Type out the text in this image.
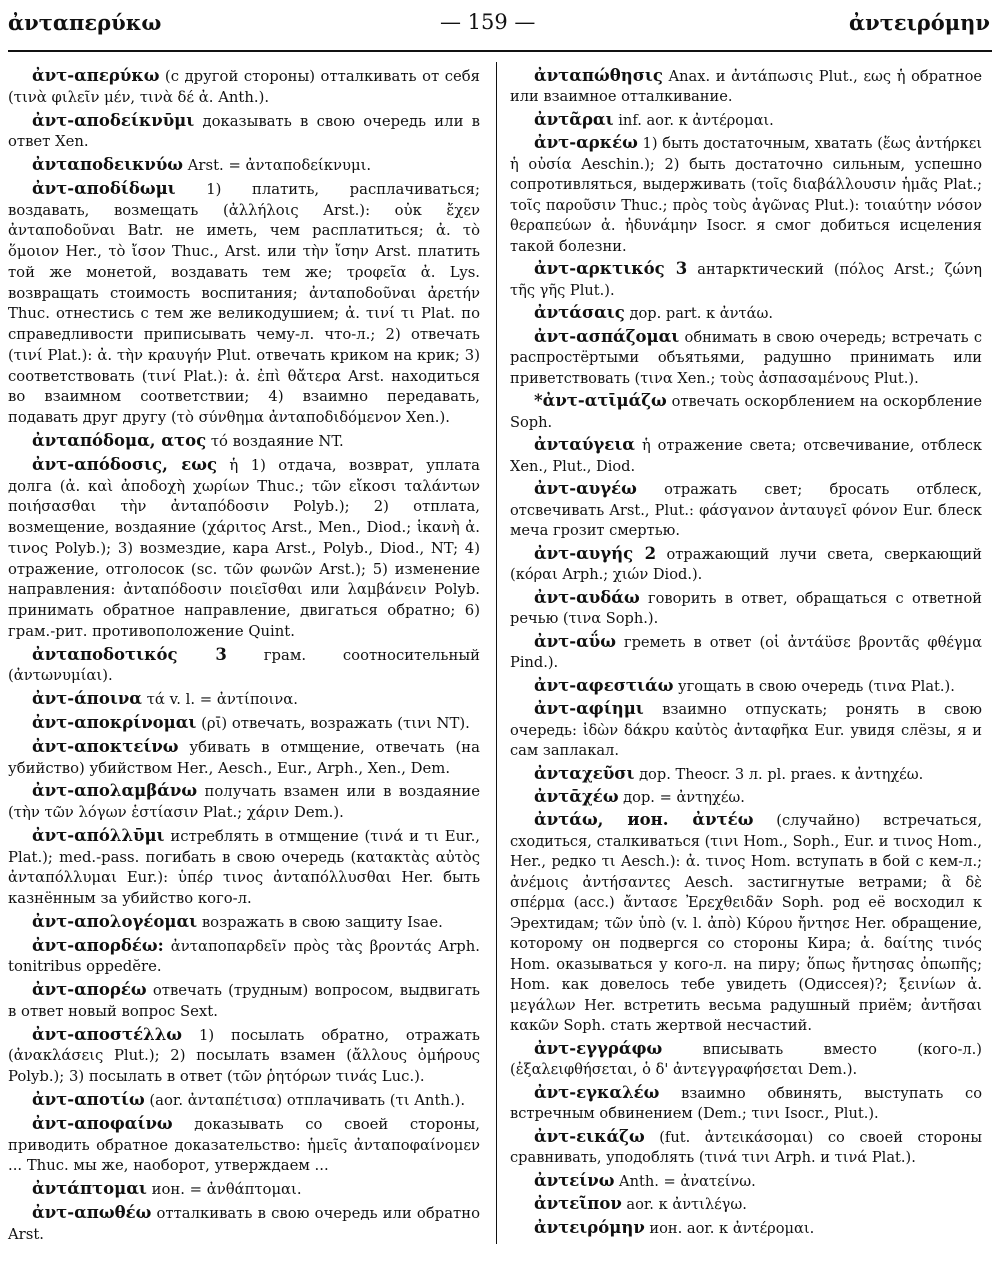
ἀνταπερύκω	— 159 —	ἀντειρόμην

ἀντ-απερύκω (с другой стороны) отталкивать от себя (τινὰ φιλεῖν μέν, τινὰ δέ ἀ. Anth.).

ἀντ-αποδείκνῡμι доказывать в свою очередь или в ответ Xen.

ἀνταποδεικνύω Arst. = ἀνταποδείκνυμι.

ἀντ-αποδίδωμι 1) платить, расплачиваться; воздавать, возмещать (ἀλλήλοις Arst.): οὐκ ἔχεν ἀνταποδοῦναι Batr. не иметь, чем расплатиться; ἀ. τὸ ὅμοιον Her., τὸ ἴσον Thuc., Arst. или τὴν ἴσην Arst. платить той же монетой, воздавать тем же; τροφεῖα ἀ. Lys. возвращать стоимость воспитания; ἀνταποδοῦναι ἀρετήν Thuc. отнестись с тем же великодушием; ἀ. τινί τι Plat. по справедливости приписывать чему-л. что-л.; 2) отвечать (τινί Plat.): ἀ. τὴν κραυγήν Plut. отвечать криком на крик; 3) соответствовать (τινί Plat.): ἀ. ἐπὶ θἄτερα Arst. находиться во взаимном соответствии; 4) взаимно передавать, подавать друг другу (τὸ σύνθημα ἀνταποδιδόμενον Xen.).

ἀνταπόδομα, ατος τό воздаяние NT.

ἀντ-απόδοσις, εως ἡ 1) отдача, возврат, уплата долга (ἀ. καὶ ἀποδοχὴ χωρίων Thuc.; τῶν εἴκοσι ταλάντων ποιήσασθαι τὴν ἀνταπόδοσιν Polyb.); 2) отплата, возмещение, воздаяние (χάριτος Arst., Men., Diod.; ἱκανὴ ἀ. τινος Polyb.); 3) возмездие, кара Arst., Polyb., Diod., NT; 4) отражение, отголосок (sc. τῶν φωνῶν Arst.); 5) изменение направления: ἀνταπόδοσιν ποιεῖσθαι или λαμβάνειν Polyb. принимать обратное направление, двигаться обратно; 6) грам.-рит. противоположение Quint.

ἀνταποδοτικός 3 грам. соотносительный (ἀντωνυμίαι).

ἀντ-άποινα τά v. l. = ἀντίποινα.

ἀντ-αποκρίνομαι (ρῑ) отвечать, возражать (τινι NT).

ἀντ-αποκτείνω убивать в отмщение, отвечать (на убийство) убийством Her., Aesch., Eur., Arph., Xen., Dem.

ἀντ-απολαμβάνω получать взамен или в воздаяние (τὴν τῶν λόγων ἑστίασιν Plat.; χάριν Dem.).

ἀντ-απόλλῡμι истреблять в отмщение (τινά и τι Eur., Plat.); med.-pass. погибать в свою очередь (κατακτὰς αὐτὸς ἀνταπόλλυμαι Eur.): ὑπέρ τινος ἀνταπόλλυσθαι Her. быть казнённым за убийство кого-л.

ἀντ-απολογέομαι возражать в свою защиту Isae.

ἀντ-απορδέω: ἀνταποπαρδεῖν πρὸς τὰς βροντάς Arph. tonitribus oppedĕre.

ἀντ-απορέω отвечать (трудным) вопросом, выдвигать в ответ новый вопрос Sext.

ἀντ-αποστέλλω 1) посылать обратно, отражать (ἀνακλάσεις Plut.); 2) посылать взамен (ἄλλους ὁμήρους Polyb.); 3) посылать в ответ (τῶν ῥητόρων τινάς Luc.).

ἀντ-αποτίω (aor. ἀνταπέτισα) отплачивать (τι Anth.).

ἀντ-αποφαίνω доказывать со своей стороны, приводить обратное доказательство: ἡμεῖς ἀνταποφαίνομεν ... Thuc. мы же, наоборот, утверждаем ...

ἀντάπτομαι ион. = ἀνθάπτομαι.

ἀντ-απωθέω отталкивать в свою очередь или обратно Arst.

ἀνταπώθησις Anax. и ἀντάπωσις Plut., εως ἡ обратное или взаимное отталкивание.

ἀντᾶραι inf. aor. к ἀντέρομαι.

ἀντ-αρκέω 1) быть достаточным, хватать (ἕως ἀντήρκει ἡ οὐσία Aeschin.); 2) быть достаточно сильным, успешно сопротивляться, выдерживать (τοῖς διαβάλλουσιν ἡμᾶς Plat.; τοῖς παροῦσιν Thuc.; πρὸς τοὺς ἀγῶνας Plut.): τοιαύτην νόσον θεραπεύων ἀ. ἠδυνάμην Isocr. я смог добиться исцеления такой болезни.

ἀντ-αρκτικός 3 антарктический (πόλος Arst.; ζώνη τῆς γῆς Plut.).

ἀντάσαις дор. part. к ἀντάω.

ἀντ-ασπάζομαι обнимать в свою очередь; встречать с распростёртыми объятьями, радушно принимать или приветствовать (τινα Xen.; τοὺς ἀσπασαμένους Plut.).

*ἀντ-ατῑμάζω отвечать оскорблением на оскорбление Soph.

ἀνταύγεια ἡ отражение света; отсвечивание, отблеск Xen., Plut., Diod.

ἀντ-αυγέω отражать свет; бросать отблеск, отсвечивать Arst., Plut.: φάσγανον ἀνταυγεῖ φόνον Eur. блеск меча грозит смертью.

ἀντ-αυγής 2 отражающий лучи света, сверкающий (κόραι Arph.; χιών Diod.).

ἀντ-αυδάω говорить в ответ, обращаться с ответной речью (τινα Soph.).

ἀντ-αΰω греметь в ответ (οἱ ἀντάϋσε βροντᾶς φθέγμα Pind.).

ἀντ-αφεστιάω угощать в свою очередь (τινα Plat.).

ἀντ-αφίημι взаимно отпускать; ронять в свою очередь: ἰδὼν δάκρυ καὐτὸς ἀνταφῆκα Eur. увидя слёзы, я и сам заплакал.

ἀνταχεῦσι дор. Theocr. 3 л. pl. praes. к ἀντηχέω.

ἀντᾱχέω дор. = ἀντηχέω.

ἀντάω, ион. ἀντέω (случайно) встречаться, сходиться, сталкиваться (τινι Hom., Soph., Eur. и τινος Hom., Her., редко τι Aesch.): ἀ. τινος Hom. вступать в бой с кем-л.; ἀνέμοις ἀντήσαντες Aesch. застигнутые ветрами; ἃ δὲ σπέρμα (acc.) ἄντασε Ἐρεχθειδᾶν Soph. род её восходил к Эрехтидам; τῶν ὑπὸ (v. l. ἀπὸ) Κύρου ἤντησε Her. обращение, которому он подвергся со стороны Кира; ἀ. δαίτης τινός Hom. оказываться у кого-л. на пиру; ὅπως ἤντησας ὀπωπῆς; Hom. как довелось тебе увидеть (Одиссея)?; ξεινίων ἀ. μεγάλων Her. встретить весьма радушный приём; ἀντῆσαι κακῶν Soph. стать жертвой несчастий.

ἀντ-εγγράφω вписывать вместо (кого-л.) (ἐξαλειφθήσεται, ὁ δ' ἀντεγγραφήσεται Dem.).

ἀντ-εγκαλέω взаимно обвинять, выступать со встречным обвинением (Dem.; τινι Isocr., Plut.).

ἀντ-εικάζω (fut. ἀντεικάσομαι) со своей стороны сравнивать, уподоблять (τινά τινι Arph. и τινά Plat.).

ἀντείνω Anth. = ἀνατείνω.

ἀντεῖπον aor. к ἀντιλέγω.

ἀντειρόμην ион. aor. к ἀντέρομαι.
